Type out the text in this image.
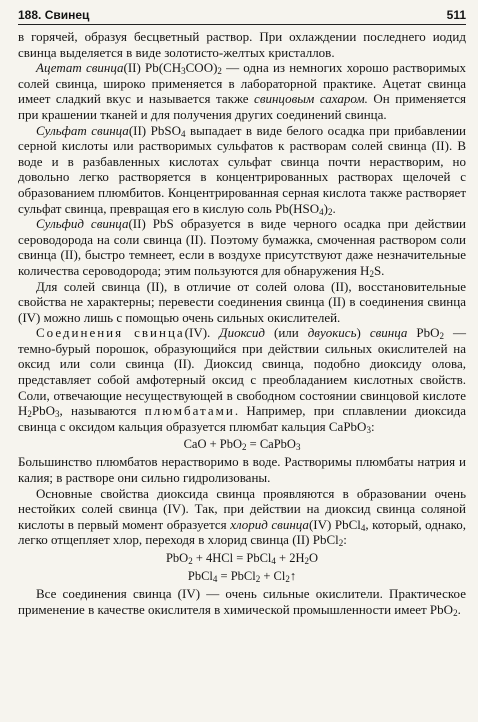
188. Свинец	511

в горячей, образуя бесцветный раствор. При охлаждении последнего иодид свинца выделяется в виде золотисто-желтых кристаллов.

Ацетат свинца(II) $Pb(CH_3COO)_2$ — одна из немногих хорошо растворимых солей свинца, широко применяется в лабораторной практике. Ацетат свинца имеет сладкий вкус и называется также свинцовым сахаром. Он применяется при крашении тканей и для получения других соединений свинца.

Сульфат свинца(II) PbSO$_4$ выпадает в виде белого осадка при прибавлении серной кислоты или растворимых сульфатов к растворам солей свинца (II). В воде и в разбавленных кислотах сульфат свинца почти нерастворим, но довольно легко растворяется в концентрированных растворах щелочей с образованием плюмбитов. Концентрированная серная кислота также растворяет сульфат свинца, превращая его в кислую соль $Pb(HSO_4)_2$.

Сульфид свинца(II) PbS образуется в виде черного осадка при действии сероводорода на соли свинца (II). Поэтому бумажка, смоченная раствором соли свинца (II), быстро темнеет, если в воздухе присутствуют даже незначительные количества сероводорода; этим пользуются для обнаружения $H_2S$.

Для солей свинца (II), в отличие от солей олова (II), восстановительные свойства не характерны; перевести соединения свинца (II) в соединения свинца (IV) можно лишь с помощью очень сильных окислителей.

Соединения свинца(IV). Диоксид (или двуокись) свинца PbO$_2$ — темно-бурый порошок, образующийся при действии сильных окислителей на оксид или соли свинца (II). Диоксид свинца, подобно диоксиду олова, представляет собой амфотерный оксид с преобладанием кислотных свойств. Соли, отвечающие несуществующей в свободном состоянии свинцовой кислоте $H_2PbO_3$, называются плюмбатами. Например, при сплавлении диоксида свинца с оксидом кальция образуется плюмбат кальция CaPbO$_3$:

CaO + PbO$_2$ = CaPbO$_3$

Большинство плюмбатов нерастворимо в воде. Растворимы плюмбаты натрия и калия; в растворе они сильно гидролизованы.

Основные свойства диоксида свинца проявляются в образовании очень нестойких солей свинца (IV). Так, при действии на диоксид свинца соляной кислоты в первый момент образуется хлорид свинца(IV) PbCl$_4$, который, однако, легко отщепляет хлор, переходя в хлорид свинца (II) PbCl$_2$:

PbO$_2$ + 4HCl = PbCl$_4$ + $2H_2O$
PbCl$_4$ = PbCl$_2$ + $Cl_2↑$

Все соединения свинца (IV) — очень сильные окислители. Практическое применение в качестве окислителя в химической промышленности имеет PbO$_2$.
